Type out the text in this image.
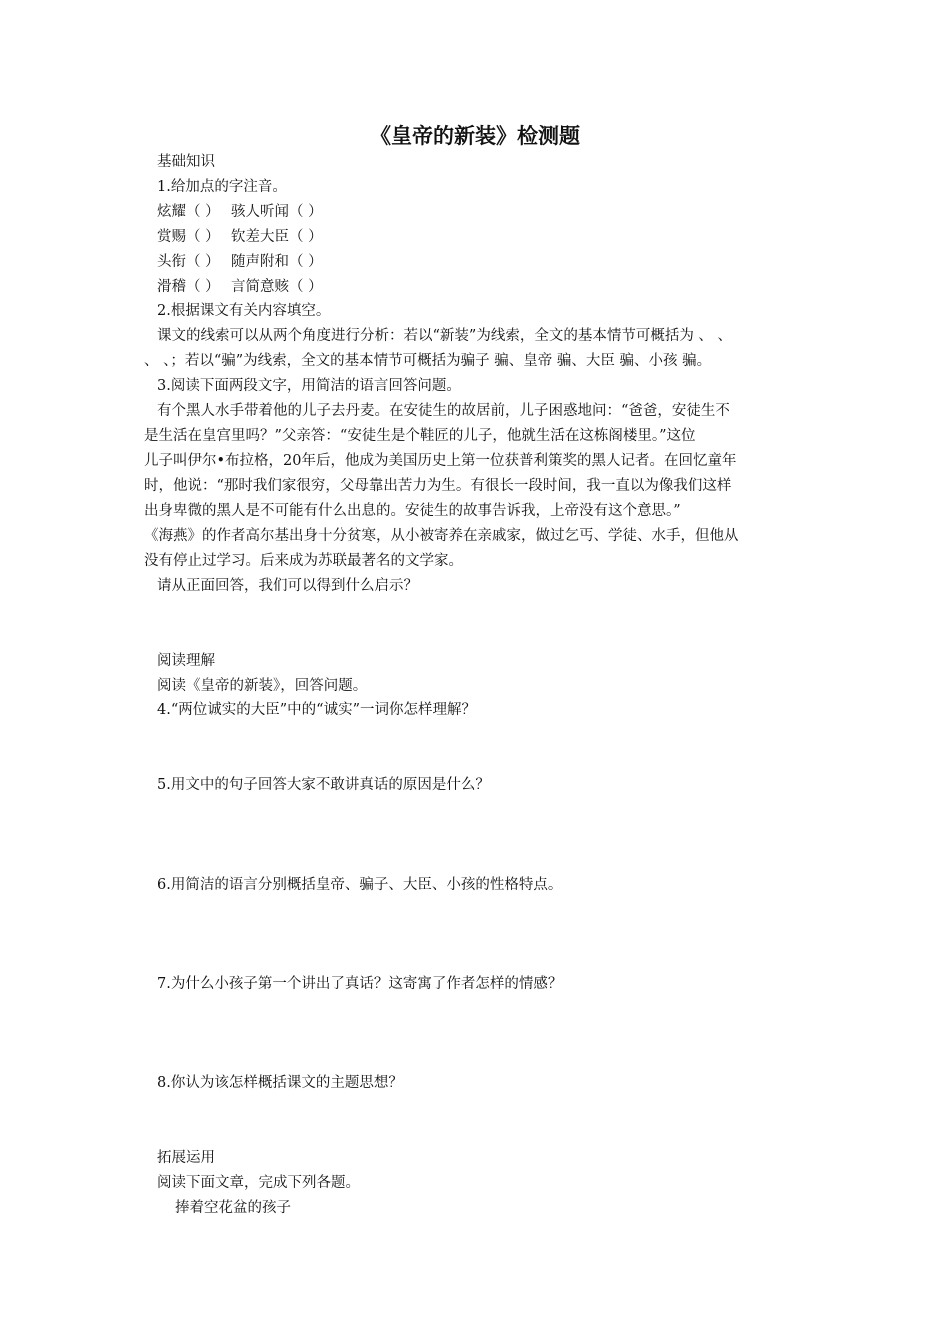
《皇帝的新装》检测题
基础知识
1.给加点的字注音。
炫耀（ ） 骇人听闻（ ）
赏赐（ ） 钦差大臣（ ）
头衔（ ） 随声附和（ ）
滑稽（ ） 言简意赅（ ）
2.根据课文有关内容填空。
课文的线索可以从两个角度进行分析：若以“新装”为线索，全文的基本情节可概括为 、 、
、 、；若以“骗”为线索，全文的基本情节可概括为骗子 骗、皇帝 骗、大臣 骗、小孩 骗。
3.阅读下面两段文字，用简洁的语言回答问题。
有个黑人水手带着他的儿子去丹麦。在安徒生的故居前，儿子困惑地问：“爸爸，安徒生不
是生活在皇宫里吗？”父亲答：“安徒生是个鞋匠的儿子，他就生活在这栋阁楼里。”这位
儿子叫伊尔•布拉格，20年后，他成为美国历史上第一位获普利策奖的黑人记者。在回忆童年
时，他说：“那时我们家很穷，父母靠出苦力为生。有很长一段时间，我一直以为像我们这样
出身卑微的黑人是不可能有什么出息的。安徒生的故事告诉我，上帝没有这个意思。”
《海燕》的作者高尔基出身十分贫寒，从小被寄养在亲戚家，做过乞丐、学徒、水手，但他从
没有停止过学习。后来成为苏联最著名的文学家。
请从正面回答，我们可以得到什么启示？
阅读理解
阅读《皇帝的新装》，回答问题。
4.“两位诚实的大臣”中的“诚实”一词你怎样理解？
5.用文中的句子回答大家不敢讲真话的原因是什么？
6.用简洁的语言分别概括皇帝、骗子、大臣、小孩的性格特点。
7.为什么小孩子第一个讲出了真话？这寄寓了作者怎样的情感？
8.你认为该怎样概括课文的主题思想？
拓展运用
阅读下面文章，完成下列各题。
捧着空花盆的孩子
